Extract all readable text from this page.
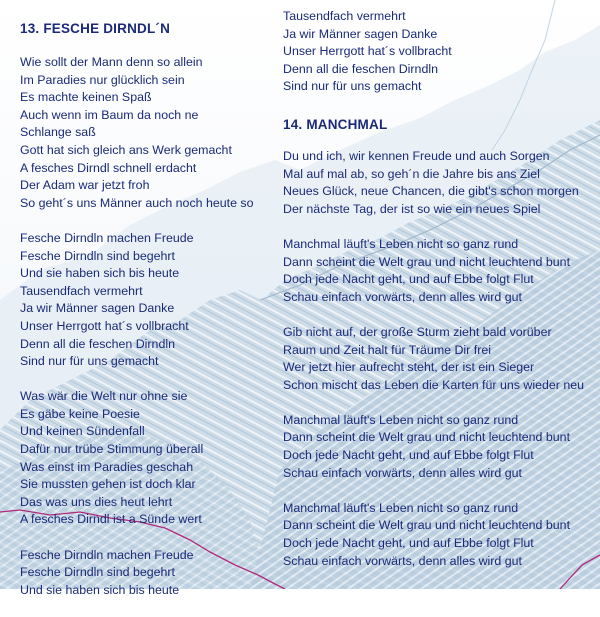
13. FESCHE DIRNDL´N
Wie sollt der Mann denn so allein
Im Paradies nur glücklich sein
Es machte keinen Spaß
Auch wenn im Baum da noch ne
Schlange saß
Gott hat sich gleich ans Werk gemacht
A fesches Dirndl schnell erdacht
Der Adam war jetzt froh
So geht´s uns Männer auch noch heute so
Fesche Dirndln machen Freude
Fesche Dirndln sind begehrt
Und sie haben sich bis heute
Tausendfach vermehrt
Ja wir Männer sagen Danke
Unser Herrgott hat´s vollbracht
Denn all die feschen Dirndln
Sind nur für uns gemacht
Was wär die Welt nur ohne sie
Es gäbe keine Poesie
Und keinen Sündenfall
Dafür nur trübe Stimmung überall
Was einst im Paradies geschah
Sie mussten gehen ist doch klar
Das was uns dies heut lehrt
A fesches Dirndl ist a Sünde wert
Fesche Dirndln machen Freude
Fesche Dirndln sind begehrt
Und sie haben sich bis heute
Tausendfach vermehrt
Ja wir Männer sagen Danke
Unser Herrgott hat´s vollbracht
Denn all die feschen Dirndln
Sind nur für uns gemacht
14. MANCHMAL
Du und ich, wir kennen Freude und auch Sorgen
Mal auf mal ab, so geh´n die Jahre bis ans Ziel
Neues Glück, neue Chancen, die gibt's schon morgen
Der nächste Tag, der ist so wie ein neues Spiel
Manchmal läuft's Leben nicht so ganz rund
Dann scheint die Welt grau und nicht leuchtend bunt
Doch jede Nacht geht, und auf Ebbe folgt Flut
Schau einfach vorwärts, denn alles wird gut
Gib nicht auf, der große Sturm zieht bald vorüber
Raum und Zeit halt für Träume Dir frei
Wer jetzt hier aufrecht steht, der ist ein Sieger
Schon mischt das Leben die Karten für uns wieder neu
Manchmal läuft's Leben nicht so ganz rund
Dann scheint die Welt grau und nicht leuchtend bunt
Doch jede Nacht geht, und auf Ebbe folgt Flut
Schau einfach vorwärts, denn alles wird gut
Manchmal läuft's Leben nicht so ganz rund
Dann scheint die Welt grau und nicht leuchtend bunt
Doch jede Nacht geht, und auf Ebbe folgt Flut
Schau einfach vorwärts, denn alles wird gut
